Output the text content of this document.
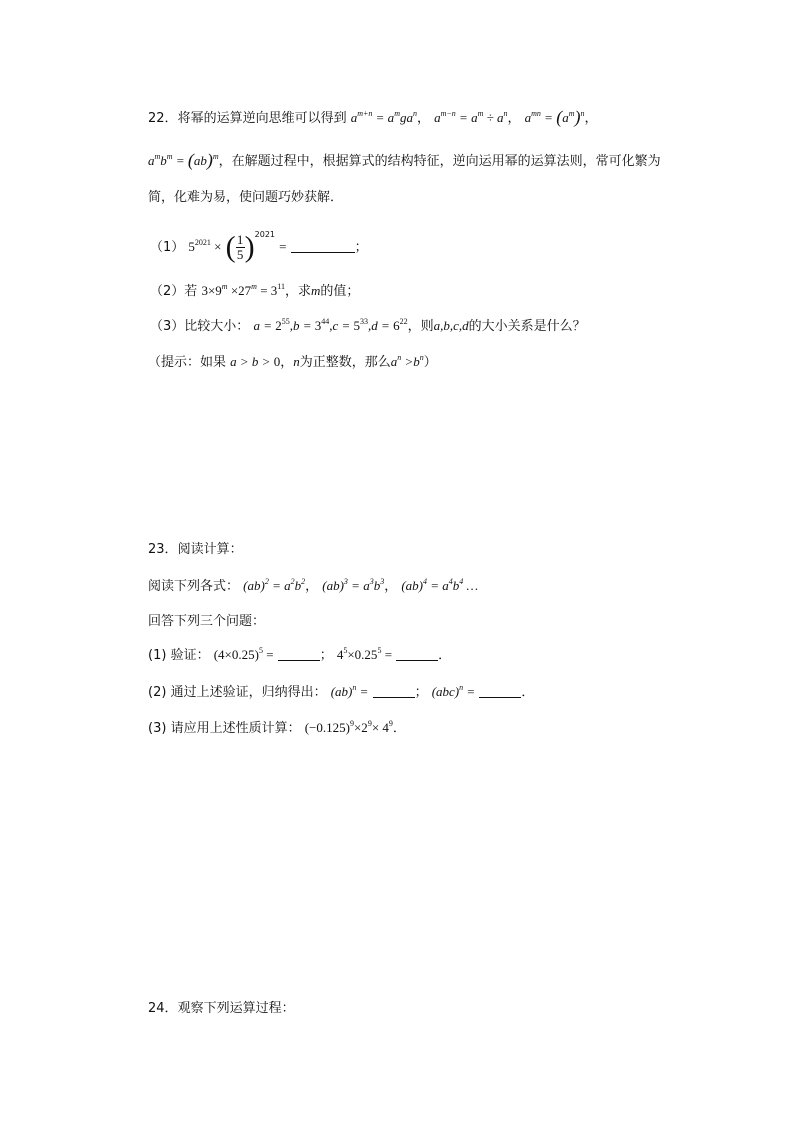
22．将幂的运算逆向思维可以得到 $a^{m+n} = a^mga^n$， $a^{m-n} = a^m \div a^n$， $a^{mn} = (a^m)^n$，
$a^mb^m = (ab)^m$，在解题过程中，根据算式的结构特征，逆向运用幂的运算法则，常可化繁为
简，化难为易，使问题巧妙获解．
（1） $5^{2021}$ × ( $\frac{1}{5} )^{2021}$ =	；
（2）若 $3\times 9^m \times 27^m = 3^{11}$，求m的值；
（3）比较大小： $a = 2^{55},b = 3^{44},c = 5^{33},d = 6^{22}$，则a,b,c,d的大小关系是什么？
（提示：如果 a > b > 0，n为正整数，那么$a^n >b^n$）
23．阅读计算：
阅读下列各式： $(ab)^2 = a^2b^2$， $(ab)^3 = a^3b^3$， $(ab)^4 = a^4b^4$ …
回答下列三个问题：
(1) 验证： $(4\times 0.25)^5$ =	； $4^5\times 0.25^5$ =	．
(2) 通过上述验证，归纳得出： (ab)$^n$ =	； (abc)$^n$ =	．
(3) 请应用上述性质计算： $(-0.125)^9\times 2^9\times 4^9$．
24．观察下列运算过程：
